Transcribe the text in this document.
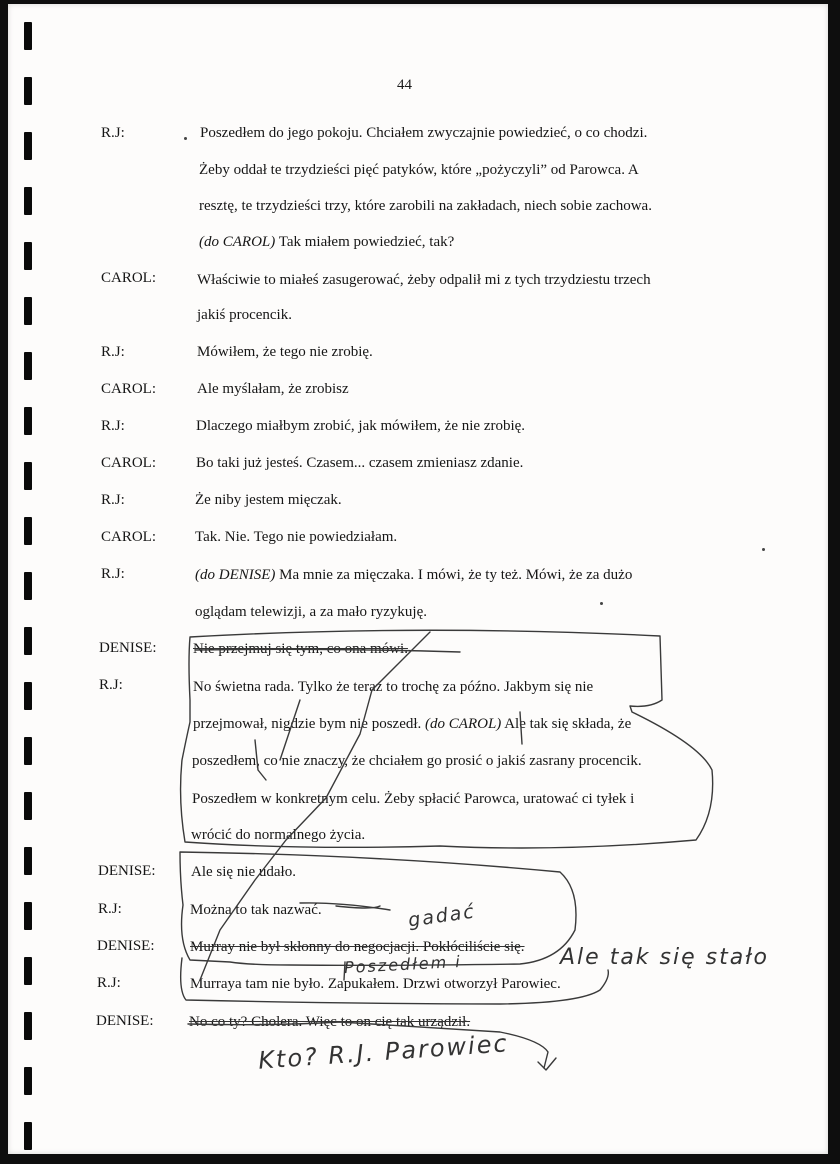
44
R.J:
CAROL:
R.J:
CAROL:
R.J:
CAROL:
R.J:
CAROL:
R.J:
DENISE:
R.J:
DENISE:
R.J:
DENISE:
R.J:
DENISE:
Poszedłem do jego pokoju. Chciałem zwyczajnie powiedzieć, o co chodzi.
Żeby oddał te trzydzieści pięć patyków, które „pożyczyli” od Parowca. A
resztę, te trzydzieści trzy, które zarobili na zakładach, niech sobie zachowa.
(do CAROL) Tak miałem powiedzieć, tak?
Właściwie to miałeś zasugerować, żeby odpalił mi z tych trzydziestu trzech
jakiś procencik.
Mówiłem, że tego nie zrobię.
Ale myślałam, że zrobisz
Dlaczego miałbym zrobić, jak mówiłem, że nie zrobię.
Bo taki już jesteś. Czasem... czasem zmieniasz zdanie.
Że niby jestem mięczak.
Tak. Nie. Tego nie powiedziałam.
(do DENISE) Ma mnie za mięczaka. I mówi, że ty też. Mówi, że za dużo
oglądam telewizji, a za mało ryzykuję.
Nie przejmuj się tym, co ona mówi.
No świetna rada. Tylko że teraz to trochę za późno. Jakbym się nie
przejmował, nigdzie bym nie poszedł. (do CAROL) Ale tak się składa, że
poszedłem, co nie znaczy, że chciałem go prosić o jakiś zasrany procencik.
Poszedłem w konkretnym celu. Żeby spłacić Parowca, uratować ci tyłek i
wrócić do normalnego życia.
Ale się nie udało.
Można to tak nazwać.
Murray nie był skłonny do negocjacji. Pokłóciliście się.
Murraya tam nie było. Zapukałem. Drzwi otworzył Parowiec.
No co ty? Cholera. Więc to on cię tak urządził.
Ale tak się stało
gadać
Poszedłem i
Kto? R.J. Parowiec
